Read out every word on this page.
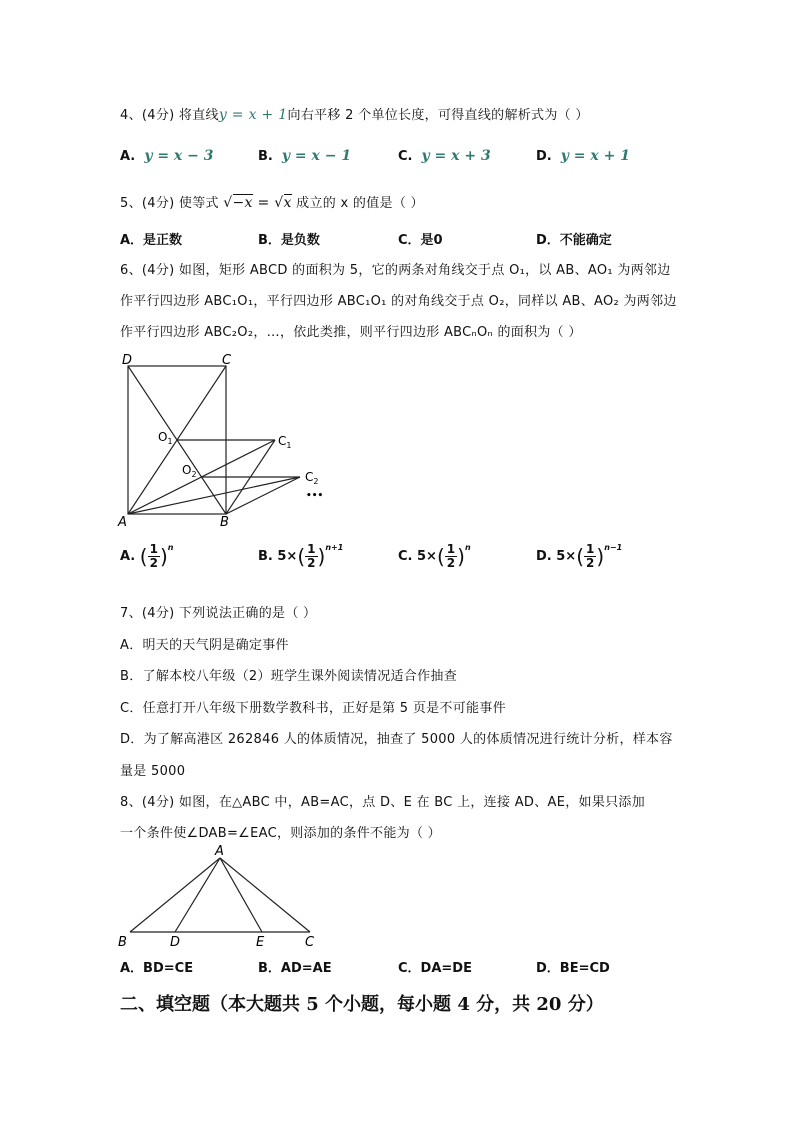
4、(4分) 将直线y = x + 1向右平移 2 个单位长度，可得直线的解析式为（ ）
A. y = x − 3	B. y = x − 1	C. y = x + 3	D. y = x + 1
5、(4分) 使等式 √−x = √x 成立的 x 的值是（ ）
A．是正数	B．是负数	C．是0	D．不能确定
6、(4分) 如图，矩形 ABCD 的面积为 5，它的两条对角线交于点 O₁，以 AB、AO₁ 为两邻边
作平行四边形 ABC₁O₁，平行四边形 ABC₁O₁ 的对角线交于点 O₂，同样以 AB、AO₂ 为两邻边
作平行四边形 ABC₂O₂，…，依此类推，则平行四边形 ABCₙOₙ 的面积为（ ）
D	C
$O_1$	$C_1$
$O_2$	$C_2$
•••
A	B
A. ( $\frac{1}{2} )^n$
B. $5\times( \frac{1}{2} )^{n+1}$
C. $5\times( \frac{1}{2} )^n$
D. $5\times( \frac{1}{2} )^{n-1}$
7、(4分) 下列说法正确的是（ ）
A．明天的天气阴是确定事件
B．了解本校八年级（2）班学生课外阅读情况适合作抽查
C．任意打开八年级下册数学教科书，正好是第 5 页是不可能事件
D．为了解高港区 262846 人的体质情况，抽查了 5000 人的体质情况进行统计分析，样本容
量是 5000
8、(4分) 如图，在△ABC 中，AB=AC，点 D、E 在 BC 上，连接 AD、AE，如果只添加
一个条件使∠DAB=∠EAC，则添加的条件不能为（ ）
A
B	D	E	C
A．BD=CE	B．AD=AE	C．DA=DE	D．BE=CD
二、填空题（本大题共 5 个小题，每小题 4 分，共 20 分）
